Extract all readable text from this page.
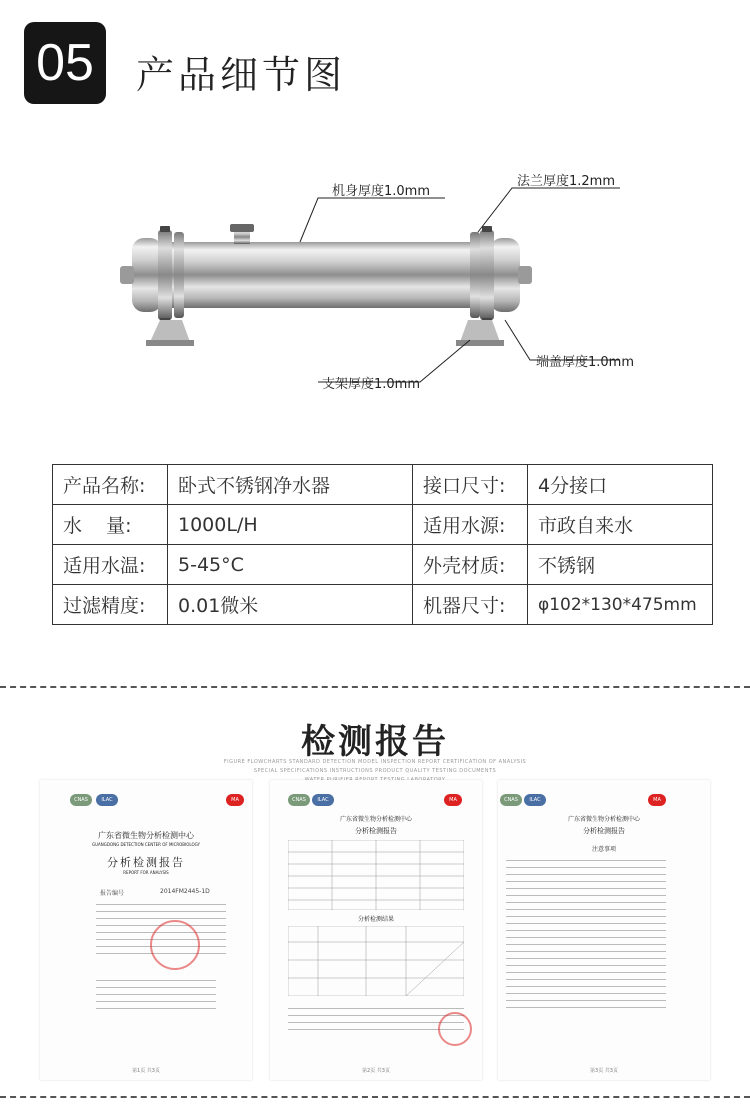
05	产品细节图
机身厚度1.0mm
法兰厚度1.2mm
端盖厚度1.0mm
支架厚度1.0mm
产品名称:	卧式不锈钢净水器	接口尺寸:	4分接口
水    量:	1000L/H	适用水源:	市政自来水
适用水温:	5-45°C	外壳材质:	不锈钢
过滤精度:	0.01微米	机器尺寸:	φ102*130*475mm
检测报告
FIGURE FLOWCHARTS STANDARD DETECTION MODEL INSPECTION REPORT CERTIFICATION OF ANALYSIS
SPECIAL SPECIFICATIONS INSTRUCTIONS PRODUCT QUALITY TESTING DOCUMENTS
CNAS	ILAC	MA
广东省微生物分析检测中心
GUANGDONG DETECTION CENTER OF MICROBIOLOGY
分析检测报告
REPORT FOR ANALYSIS
报告编号	2014FM2445-1D
第1页 共3页
CNAS	ILAC	MA
广东省微生物分析检测中心
分析检测报告
分析检测结果
第2页 共3页
CNAS	ILAC	MA
广东省微生物分析检测中心
分析检测报告
注意事项
第3页 共3页
